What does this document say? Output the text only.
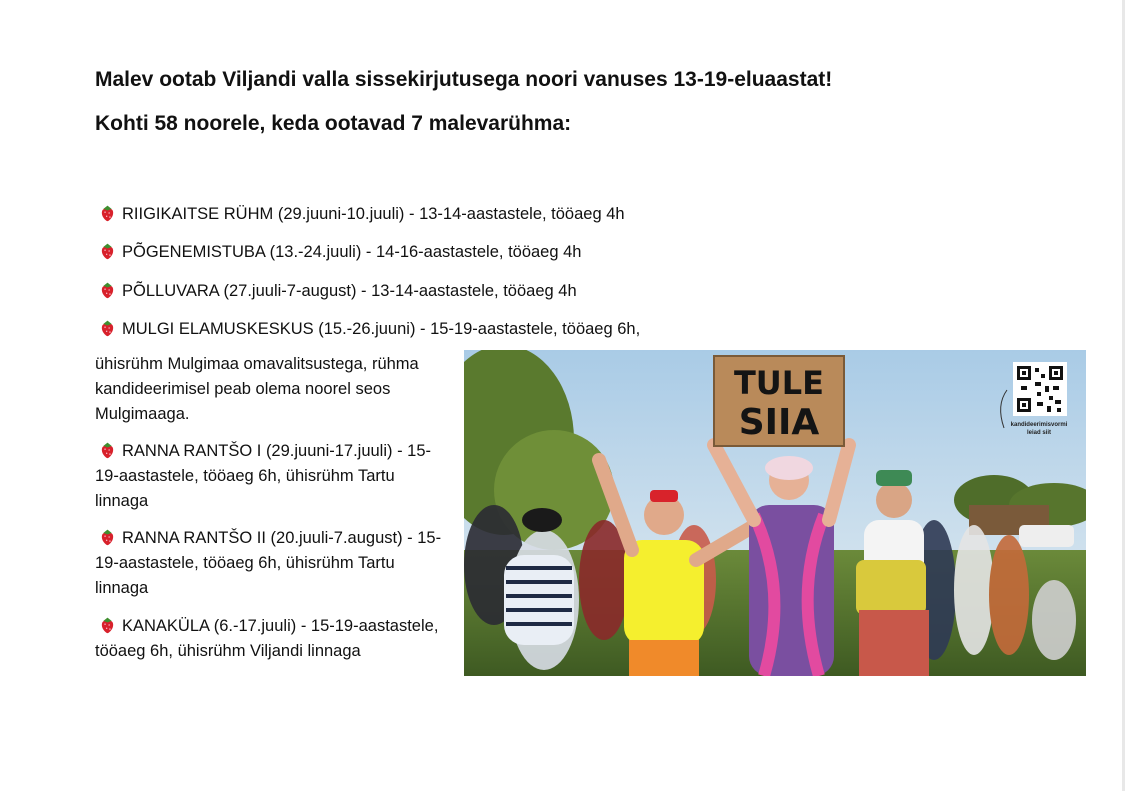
Malev ootab Viljandi valla sissekirjutusega noori vanuses 13-19-eluaastat!
Kohti 58 noorele, keda ootavad 7 malevarühma:
RIIGIKAITSE RÜHM (29.juuni-10.juuli) - 13-14-aastastele, tööaeg 4h
PÕGENEMISTUBA (13.-24.juuli) - 14-16-aastastele, tööaeg 4h
PÕLLUVARA (27.juuli-7-august) - 13-14-aastastele, tööaeg 4h
MULGI ELAMUSKESKUS (15.-26.juuni) - 15-19-aastastele, tööaeg 6h,
ühisrühm Mulgimaa omavalitsustega, rühma kandideerimisel peab olema noorel seos Mulgimaaga.
RANNA RANTŠO I (29.juuni-17.juuli) - 15-19-aastastele, tööaeg 6h, ühisrühm Tartu linnaga
RANNA RANTŠO II (20.juuli-7.august) - 15-19-aastastele, tööaeg 6h, ühisrühm Tartu linnaga
KANAKÜLA (6.-17.juuli) - 15-19-aastastele, tööaeg 6h, ühisrühm Viljandi linnaga
TULE
SIIA	kandideerimisvormi leiad siit
